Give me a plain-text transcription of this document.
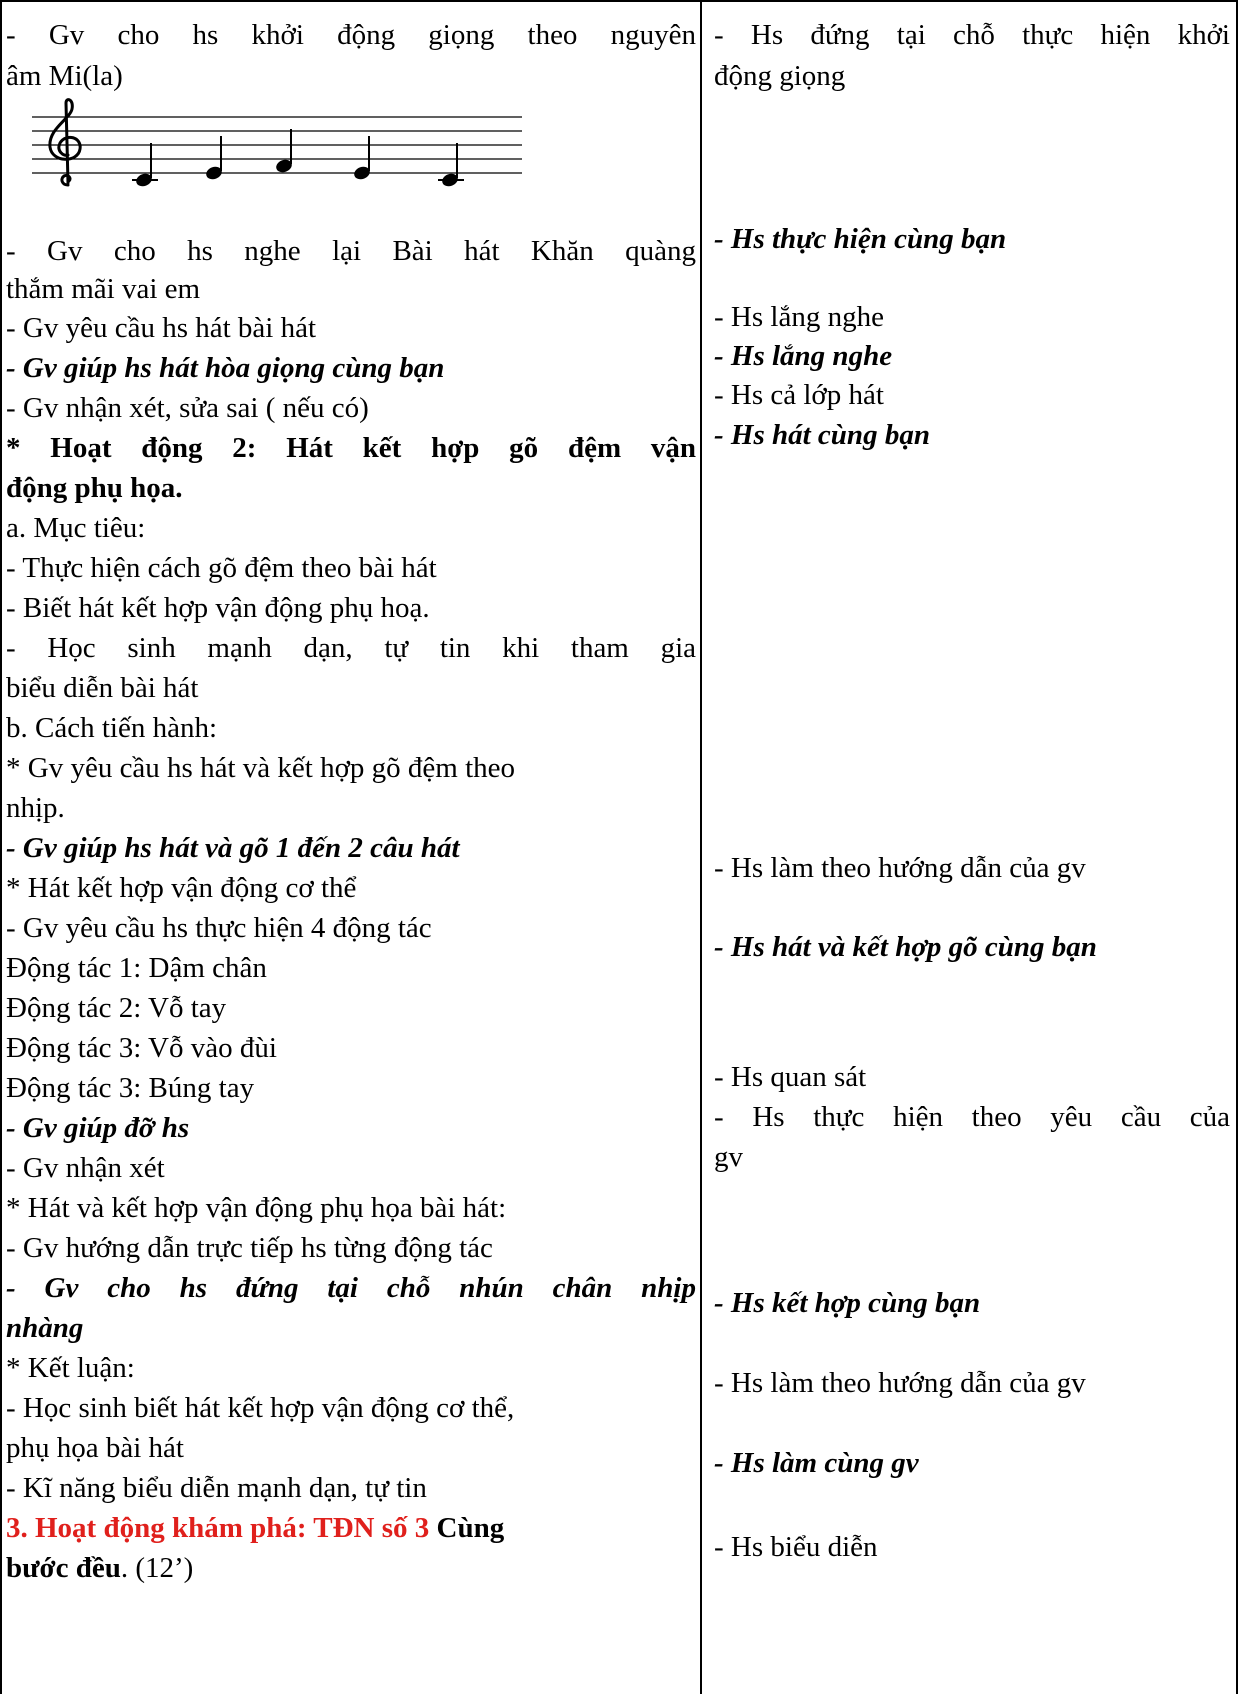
- Gv cho hs khởi động giọng theo nguyên
âm Mi(la)
- Gv cho hs nghe lại Bài hát Khăn quàng
thắm mãi vai em
- Gv yêu cầu hs hát bài hát
- Gv giúp hs hát hòa giọng cùng bạn
- Gv nhận xét, sửa sai ( nếu có)
* Hoạt động 2: Hát kết hợp gõ đệm vận
động phụ họa.
a. Mục tiêu:
- Thực hiện cách gõ đệm theo bài hát
- Biết hát kết hợp vận động phụ hoạ.
- Học sinh mạnh dạn, tự tin khi tham gia
biểu diễn bài hát
b. Cách tiến hành:
* Gv yêu cầu hs hát và kết hợp gõ đệm theo
nhịp.
- Gv giúp hs hát và gõ 1 đến 2 câu hát
* Hát kết hợp vận động cơ thể
- Gv yêu cầu hs thực hiện 4 động tác
Động tác 1: Dậm chân
Động tác 2: Vỗ tay
Động tác 3: Vỗ vào đùi
Động tác 3: Búng tay
- Gv giúp đỡ hs
- Gv nhận xét
* Hát và kết hợp vận động phụ họa bài hát:
- Gv hướng dẫn trực tiếp hs từng động tác
- Gv cho hs đứng tại chỗ nhún chân nhịp
nhàng
* Kết luận:
- Học sinh biết hát kết hợp vận động cơ thể,
phụ họa bài hát
- Kĩ năng biểu diễn mạnh dạn, tự tin
3. Hoạt động khám phá: TĐN số 3 Cùng
bước đều. (12’)
- Hs đứng tại chỗ thực hiện khởi
động giọng
- Hs thực hiện cùng bạn
- Hs lắng nghe
- Hs lắng nghe
- Hs cả lớp hát
- Hs hát cùng bạn
- Hs làm theo hướng dẫn của gv
- Hs hát và kết hợp gõ cùng bạn
- Hs quan sát
- Hs thực hiện theo yêu cầu của
gv
- Hs kết hợp cùng bạn
- Hs làm theo hướng dẫn của gv
- Hs làm cùng gv
- Hs biểu diễn
